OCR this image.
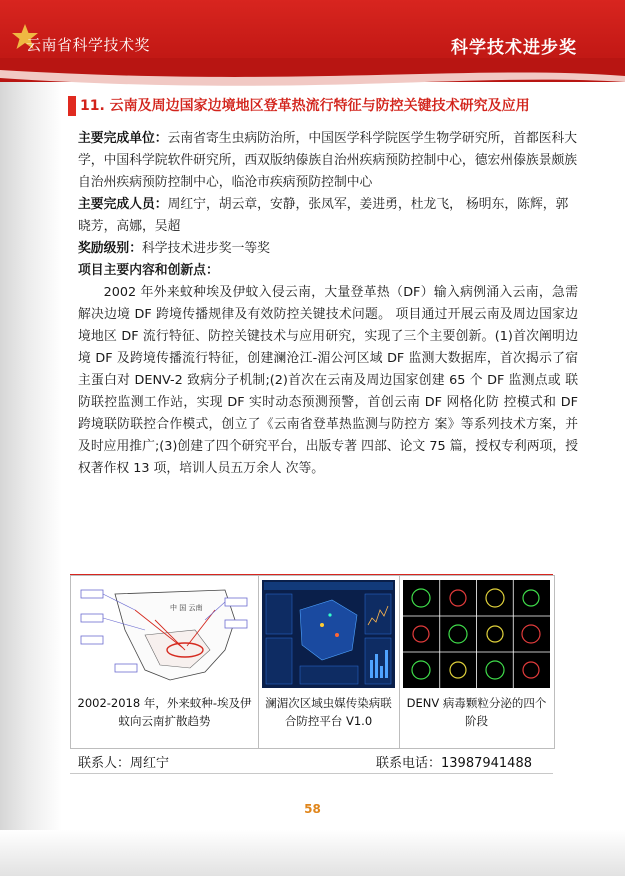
云南省科学技术奖	科学技术进步奖
11. 云南及周边国家边境地区登革热流行特征与防控关键技术研究及应用

主要完成单位：云南省寄生虫病防治所，中国医学科学院医学生物学研究所，首都医科大学，中国科学院软件研究所，西双版纳傣族自治州疾病预防控制中心，德宏州傣族景颇族自治州疾病预防控制中心，临沧市疾病预防控制中心

主要完成人员：周红宁，胡云章，安静，张凤军，姜进勇，杜龙飞， 杨明东，陈辉，郭晓芳，高娜，吴超

奖励级别：科学技术进步奖一等奖

项目主要内容和创新点：

2002 年外来蚊种埃及伊蚊入侵云南，大量登革热（DF）输入病例涌入云南，急需解决边境 DF 跨境传播规律及有效防控关键技术问题。 项目通过开展云南及周边国家边境地区 DF 流行特征、防控关键技术与应用研究，实现了三个主要创新。(1)首次阐明边境 DF 及跨境传播流行特征，创建澜沧江-湄公河区域 DF 监测大数据库，首次揭示了宿主蛋白对 DENV-2 致病分子机制;(2)首次在云南及周边国家创建 65 个 DF 监测点或 联防联控监测工作站，实现 DF 实时动态预测预警，首创云南 DF 网格化防 控模式和 DF 跨境联防联控合作模式，创立了《云南省登革热监测与防控方 案》等系列技术方案，并及时应用推广;(3)创建了四个研究平台，出版专著 四部、论文 75 篇，授权专利两项，授权著作权 13 项，培训人员五万余人 次等。

中 国 云南
2002-2018 年，外来蚊种-埃及伊蚊向云南扩散趋势
澜湄次区域虫媒传染病联合防控平台 V1.0
DENV 病毒颗粒分泌的四个阶段
联系人：周红宁	联系电话：13987941488
58
